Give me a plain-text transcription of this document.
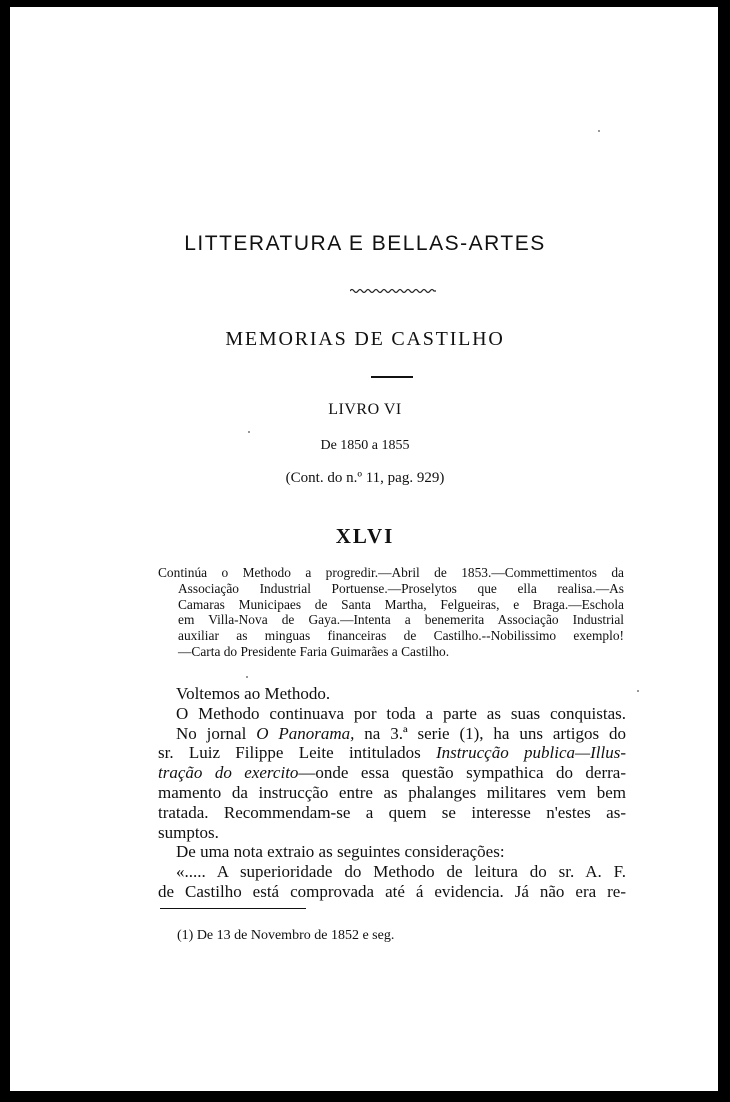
LITTERATURA E BELLAS-ARTES
MEMORIAS DE CASTILHO
LIVRO VI
De 1850 a 1855
(Cont. do n.º 11, pag. 929)
XLVI
Continúa o Methodo a progredir.—Abril de 1853.—Commettimentos da
Associação Industrial Portuense.—Proselytos que ella realisa.—As
Camaras Municipaes de Santa Martha, Felgueiras, e Braga.—Eschola
em Villa-Nova de Gaya.—Intenta a benemerita Associação Industrial
auxiliar as minguas financeiras de Castilho.--Nobilissimo exemplo!
—Carta do Presidente Faria Guimarães a Castilho.
Voltemos ao Methodo.
O Methodo continuava por toda a parte as suas conquistas.
No jornal O Panorama, na 3.ª serie (1), ha uns artigos do
sr. Luiz Filippe Leite intitulados Instrucção publica—Illus-
tração do exercito—onde essa questão sympathica do derra-
mamento da instrucção entre as phalanges militares vem bem
tratada. Recommendam-se a quem se interesse n'estes as-
sumptos.
De uma nota extraio as seguintes considerações:
«..... A superioridade do Methodo de leitura do sr. A. F.
de Castilho está comprovada até á evidencia. Já não era re-
(1) De 13 de Novembro de 1852 e seg.
